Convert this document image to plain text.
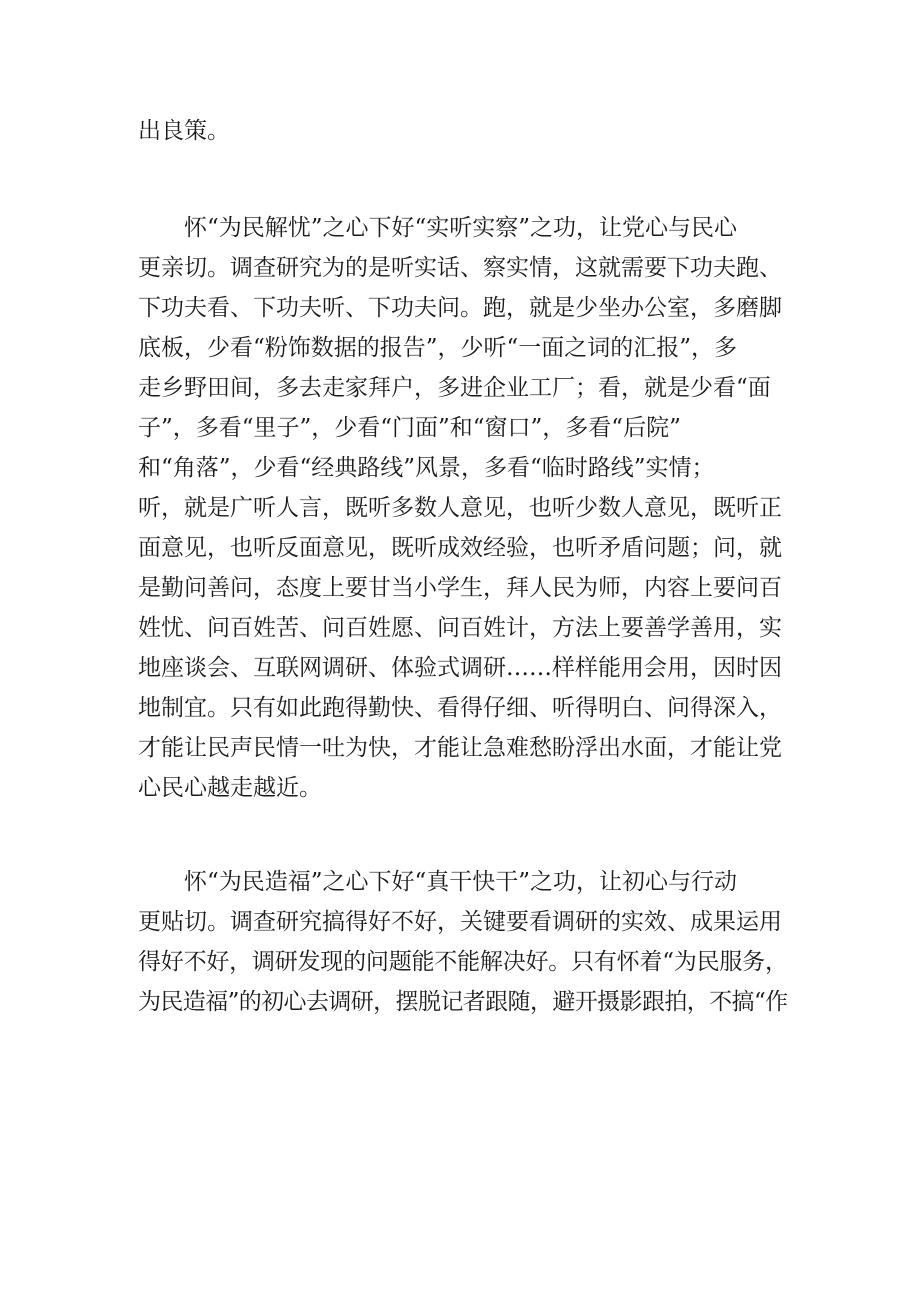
出良策。
怀“为民解忧”之心下好“实听实察”之功，让党心与民心
更亲切。调查研究为的是听实话、察实情，这就需要下功夫跑、
下功夫看、下功夫听、下功夫问。跑，就是少坐办公室，多磨脚
底板，少看“粉饰数据的报告”，少听“一面之词的汇报”，多
走乡野田间，多去走家拜户，多进企业工厂；看，就是少看“面
子”，多看“里子”，少看“门面”和“窗口”，多看“后院”
和“角落”，少看“经典路线”风景，多看“临时路线”实情；
听，就是广听人言，既听多数人意见，也听少数人意见，既听正
面意见，也听反面意见，既听成效经验，也听矛盾问题；问，就
是勤问善问，态度上要甘当小学生，拜人民为师，内容上要问百
姓忧、问百姓苦、问百姓愿、问百姓计，方法上要善学善用，实
地座谈会、互联网调研、体验式调研……样样能用会用，因时因
地制宜。只有如此跑得勤快、看得仔细、听得明白、问得深入，
才能让民声民情一吐为快，才能让急难愁盼浮出水面，才能让党
心民心越走越近。
怀“为民造福”之心下好“真干快干”之功，让初心与行动
更贴切。调查研究搞得好不好，关键要看调研的实效、成果运用
得好不好，调研发现的问题能不能解决好。只有怀着“为民服务，
为民造福”的初心去调研，摆脱记者跟随，避开摄影跟拍，不搞“作
